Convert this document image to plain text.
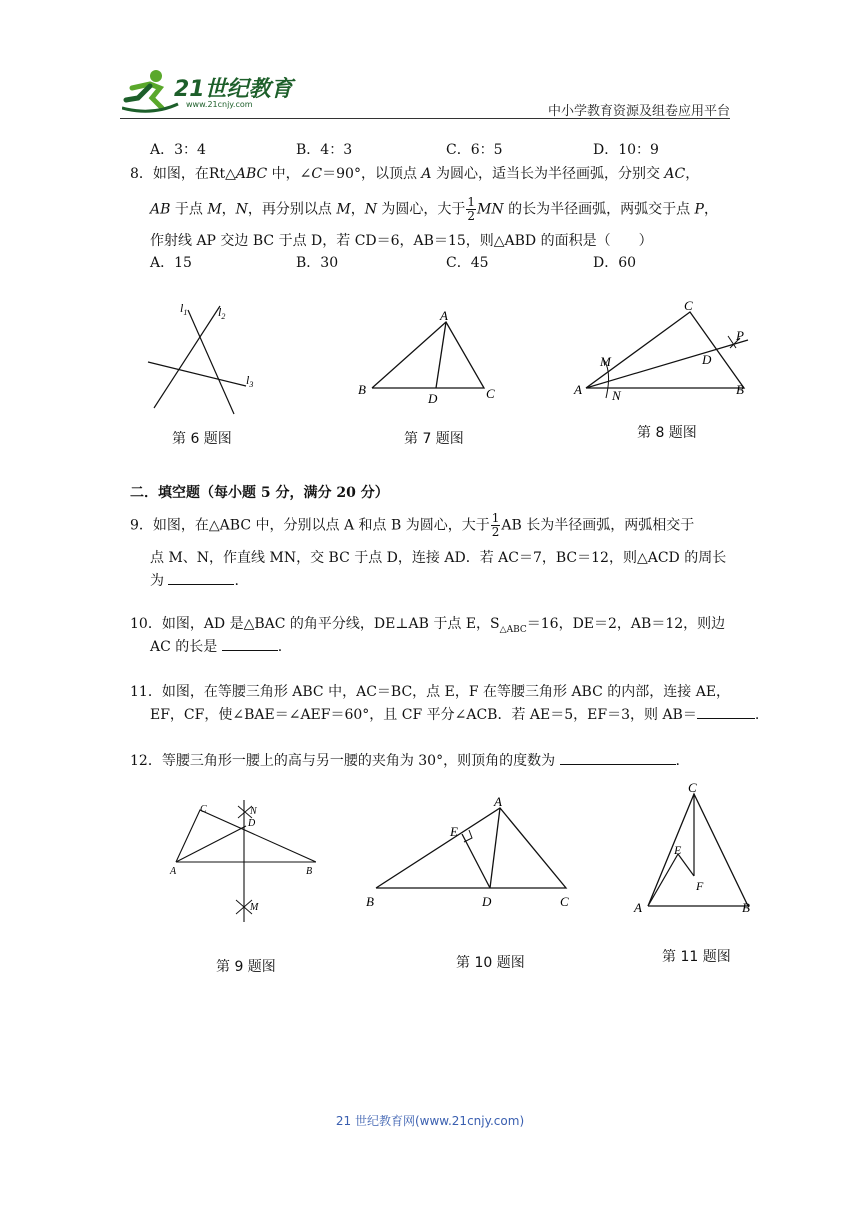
21世纪教育
www.21cnjy.com	中小学教育资源及组卷应用平台
A．3：4	B．4：3	C．6：5	D．10：9
8．如图，在Rt△ABC 中，∠C＝90°，以顶点 A 为圆心，适当长为半径画弧，分别交 AC，
AB 于点 M，N，再分别以点 M，N 为圆心，大于 $\frac{1}{2}$ MN 的长为半径画弧，两弧交于点 P，
作射线 AP 交边 BC 于点 D，若 CD＝6，AB＝15，则△ABD 的面积是（　　）
A．15	B．30	C．45	D．60
$l_1$	$l_2$
$l_3$
第 6 题图
A
B	C
D
第 7 题图
C
A	B
D
M
N
P
第 8 题图
二．填空题（每小题 5 分，满分 20 分）
9．如图，在△ABC 中，分别以点 A 和点 B 为圆心，大于 $\frac{1}{2}$ AB 长为半径画弧，两弧相交于
点 M、N，作直线 MN，交 BC 于点 D，连接 AD．若 AC＝7，BC＝12，则△ACD 的周长
为	.
10．如图，AD 是△BAC 的角平分线，DE⊥AB 于点 E，$S_{\triangle ABC}=16$，DE＝2，AB＝12，则边
AC 的长是	.
11．如图，在等腰三角形 ABC 中，AC＝BC，点 E，F 在等腰三角形 ABC 的内部，连接 AE，
EF，CF，使∠BAE＝∠AEF＝60°，且 CF 平分∠ACB．若 AE＝5，EF＝3，则 AB＝	.
12．等腰三角形一腰上的高与另一腰的夹角为 30°，则顶角的度数为	.
C
A	B
D
N
M
第 9 题图
A
B	C
D
E
第 10 题图
C
A	B
E
F
第 11 题图
21 世纪教育网(www.21cnjy.com)
